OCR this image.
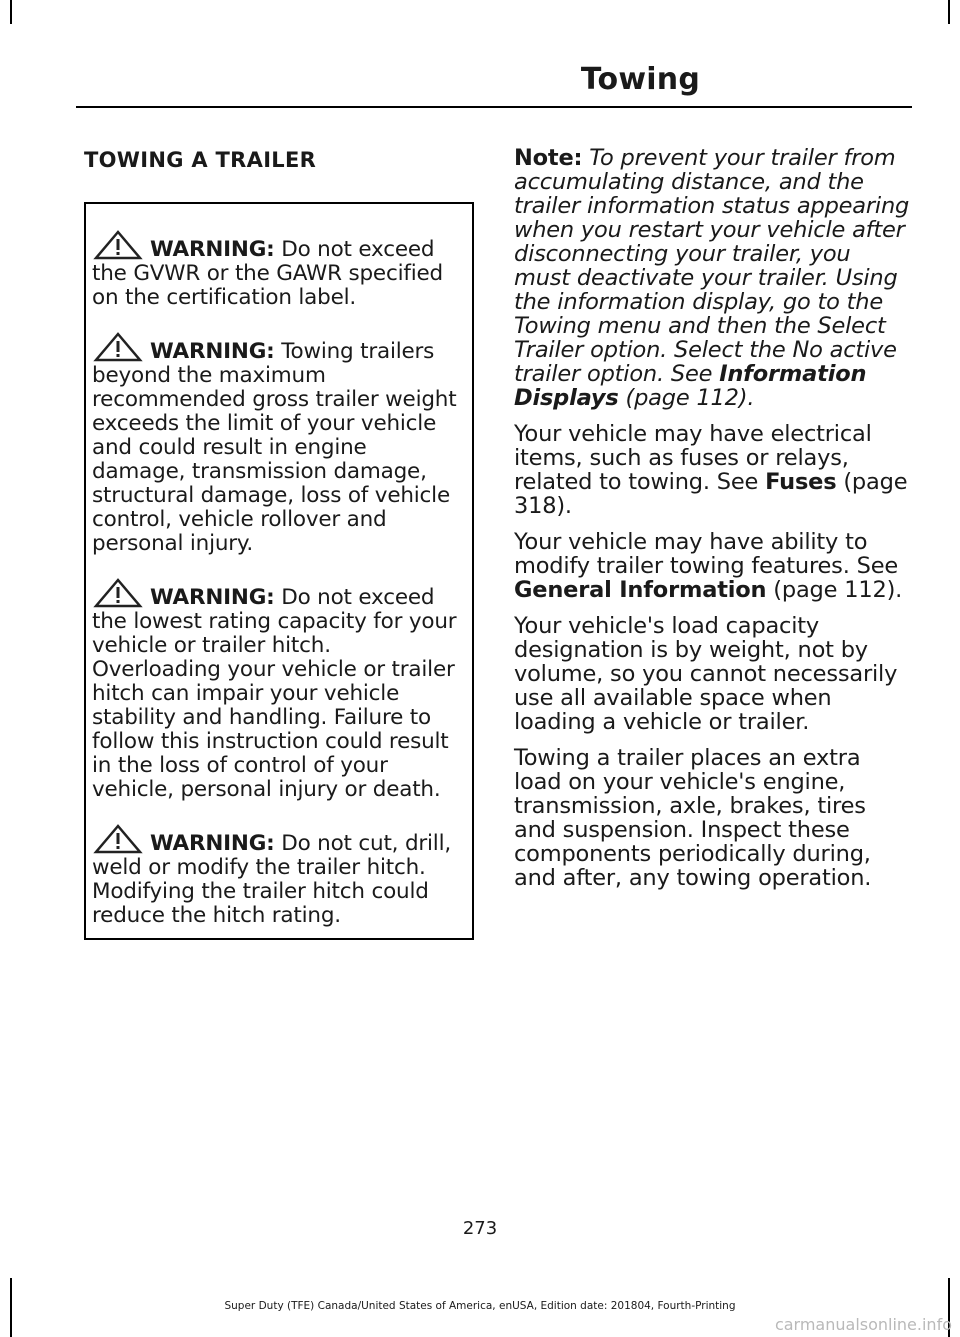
Towing
TOWING A TRAILER

WARNING: Do not exceed the GVWR or the GAWR specified on the certification label.

WARNING: Towing trailers beyond the maximum recommended gross trailer weight exceeds the limit of your vehicle and could result in engine damage, transmission damage, structural damage, loss of vehicle control, vehicle rollover and personal injury.

WARNING: Do not exceed the lowest rating capacity for your vehicle or trailer hitch. Overloading your vehicle or trailer hitch can impair your vehicle stability and handling. Failure to follow this instruction could result in the loss of control of your vehicle, personal injury or death.

WARNING: Do not cut, drill, weld or modify the trailer hitch. Modifying the trailer hitch could reduce the hitch rating.

Note: To prevent your trailer from accumulating distance, and the trailer information status appearing when you restart your vehicle after disconnecting your trailer, you must deactivate your trailer. Using the information display, go to the Towing menu and then the Select Trailer option. Select the No active trailer option. See Information Displays (page 112).

Your vehicle may have electrical items, such as fuses or relays, related to towing. See Fuses (page 318).

Your vehicle may have ability to modify trailer towing features. See General Information (page 112).

Your vehicle's load capacity designation is by weight, not by volume, so you cannot necessarily use all available space when loading a vehicle or trailer.

Towing a trailer places an extra load on your vehicle's engine, transmission, axle, brakes, tires and suspension. Inspect these components periodically during, and after, any towing operation.

273
Super Duty (TFE) Canada/United States of America, enUSA, Edition date: 201804, Fourth-Printing
carmanualsonline.info
